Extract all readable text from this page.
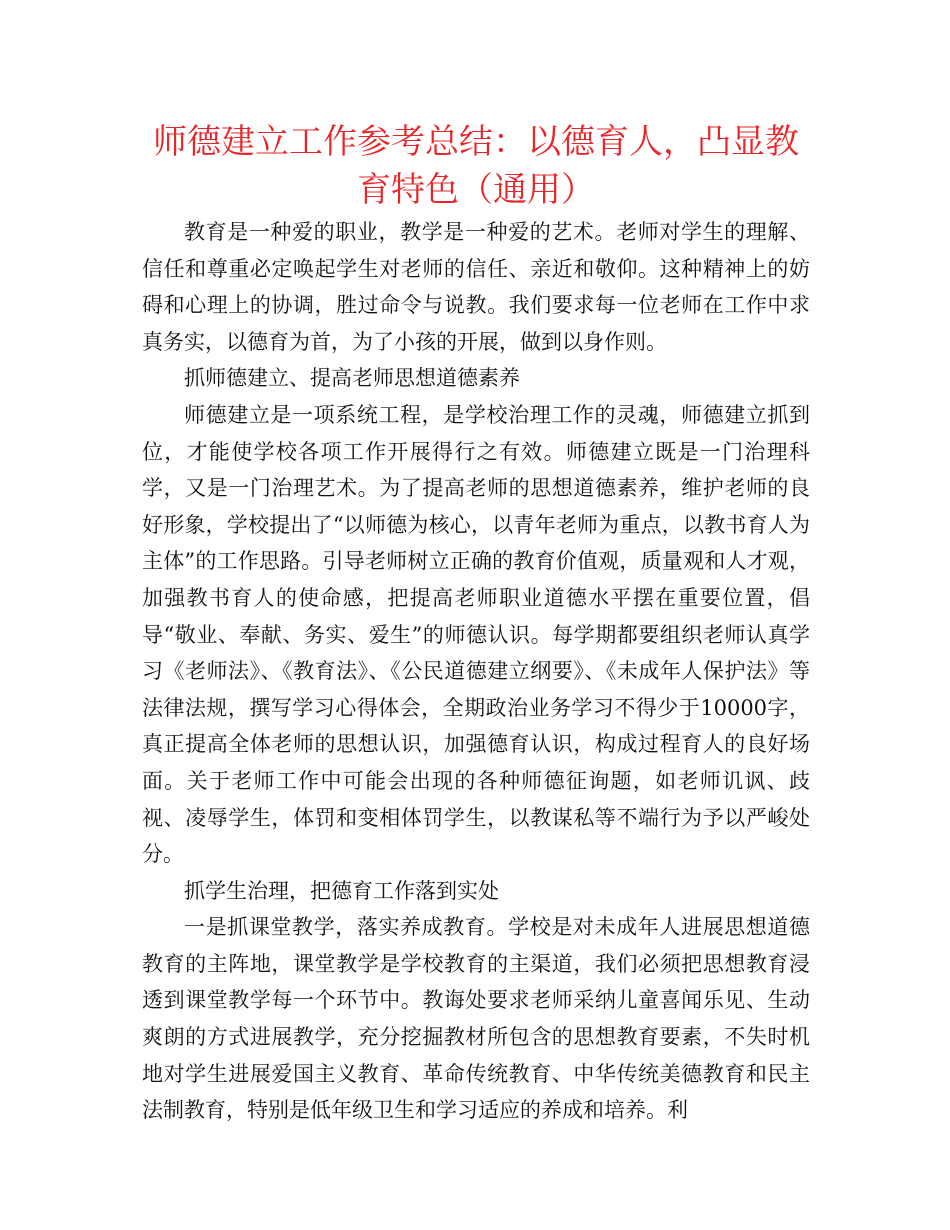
师德建立工作参考总结：以德育人，凸显教育特色（通用）

教育是一种爱的职业，教学是一种爱的艺术。老师对学生的理解、信任和尊重必定唤起学生对老师的信任、亲近和敬仰。这种精神上的妨碍和心理上的协调，胜过命令与说教。我们要求每一位老师在工作中求真务实，以德育为首，为了小孩的开展，做到以身作则。

抓师德建立、提高老师思想道德素养

师德建立是一项系统工程，是学校治理工作的灵魂，师德建立抓到位，才能使学校各项工作开展得行之有效。师德建立既是一门治理科学，又是一门治理艺术。为了提高老师的思想道德素养，维护老师的良好形象，学校提出了“以师德为核心，以青年老师为重点，以教书育人为主体”的工作思路。引导老师树立正确的教育价值观，质量观和人才观，加强教书育人的使命感，把提高老师职业道德水平摆在重要位置，倡导“敬业、奉献、务实、爱生”的师德认识。每学期都要组织老师认真学习《老师法》、《教育法》、《公民道德建立纲要》、《未成年人保护法》等法律法规，撰写学习心得体会，全期政治业务学习不得少于10000字，真正提高全体老师的思想认识，加强德育认识，构成过程育人的良好场面。关于老师工作中可能会出现的各种师德征询题，如老师讥讽、歧视、凌辱学生，体罚和变相体罚学生，以教谋私等不端行为予以严峻处分。

抓学生治理，把德育工作落到实处

一是抓课堂教学，落实养成教育。学校是对未成年人进展思想道德教育的主阵地，课堂教学是学校教育的主渠道，我们必须把思想教育浸透到课堂教学每一个环节中。教诲处要求老师采纳儿童喜闻乐见、生动爽朗的方式进展教学，充分挖掘教材所包含的思想教育要素，不失时机地对学生进展爱国主义教育、革命传统教育、中华传统美德教育和民主法制教育，特别是低年级卫生和学习适应的养成和培养。利
